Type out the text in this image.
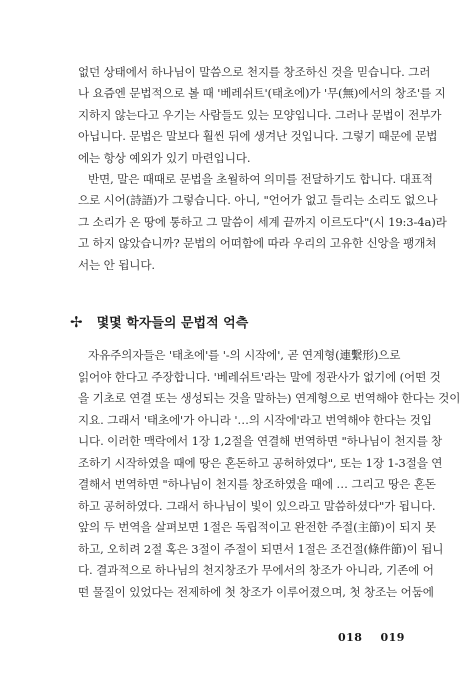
없던 상태에서 하나님이 말씀으로 천지를 창조하신 것을 믿습니다. 그러
나 요즘엔 문법적으로 볼 때 '베레쉬트'(태초에)가 '무(無)에서의 창조'를 지
지하지 않는다고 우기는 사람들도 있는 모양입니다. 그러나 문법이 전부가
아닙니다. 문법은 말보다 훨씬 뒤에 생겨난 것입니다. 그렇기 때문에 문법
에는 항상 예외가 있기 마련입니다.
반면, 말은 때때로 문법을 초월하여 의미를 전달하기도 합니다. 대표적
으로 시어(詩語)가 그렇습니다. 아니, "언어가 없고 들리는 소리도 없으나
그 소리가 온 땅에 통하고 그 말씀이 세계 끝까지 이르도다"(시 19:3-4a)라
고 하지 않았습니까? 문법의 어떠함에 따라 우리의 고유한 신앙을 팽개쳐
서는 안 됩니다.
✢ 몇몇 학자들의 문법적 억측
자유주의자들은 '태초에'를 '-의 시작에', 곧 연계형(連繫形)으로
읽어야 한다고 주장합니다. '베레쉬트'라는 말에 정관사가 없기에 (어떤 것
을 기초로 연결 또는 생성되는 것을 말하는) 연계형으로 번역해야 한다는 것이
지요. 그래서 '태초에'가 아니라 '…의 시작에'라고 번역해야 한다는 것입
니다. 이러한 맥락에서 1장 1,2절을 연결해 번역하면 "하나님이 천지를 창
조하기 시작하였을 때에 땅은 혼돈하고 공허하였다", 또는 1장 1-3절을 연
결해서 번역하면 "하나님이 천지를 창조하였을 때에 … 그리고 땅은 혼돈
하고 공허하였다. 그래서 하나님이 빛이 있으라고 말씀하셨다"가 됩니다.
앞의 두 번역을 살펴보면 1절은 독립적이고 완전한 주절(主節)이 되지 못
하고, 오히려 2절 혹은 3절이 주절이 되면서 1절은 조건절(條件節)이 됩니
다. 결과적으로 하나님의 천지창조가 무에서의 창조가 아니라, 기존에 어
떤 물질이 있었다는 전제하에 첫 창조가 이루어졌으며, 첫 창조는 어둠에
018 019
